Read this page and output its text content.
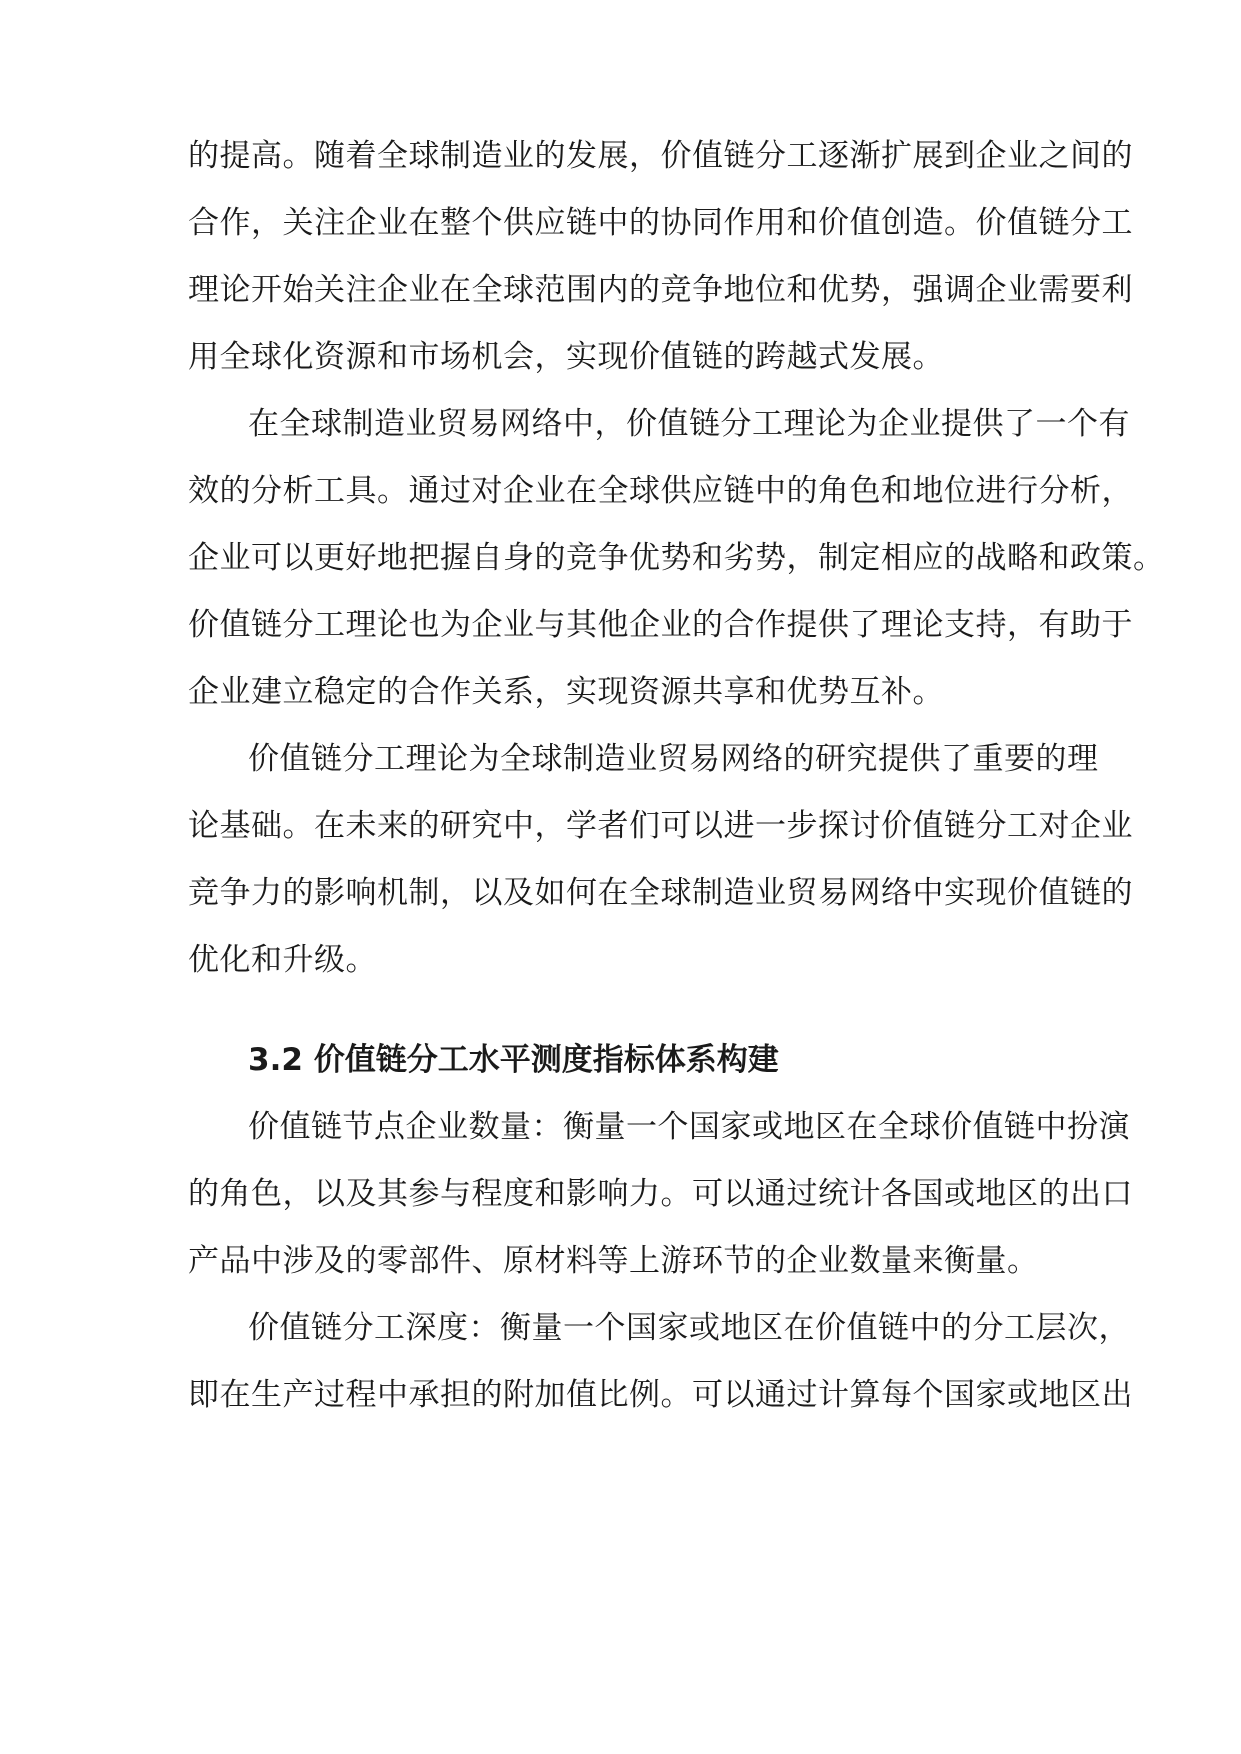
的提高。随着全球制造业的发展，价值链分工逐渐扩展到企业之间的
合作，关注企业在整个供应链中的协同作用和价值创造。价值链分工
理论开始关注企业在全球范围内的竞争地位和优势，强调企业需要利
用全球化资源和市场机会，实现价值链的跨越式发展。
在全球制造业贸易网络中，价值链分工理论为企业提供了一个有
效的分析工具。通过对企业在全球供应链中的角色和地位进行分析，
企业可以更好地把握自身的竞争优势和劣势，制定相应的战略和政策。
价值链分工理论也为企业与其他企业的合作提供了理论支持，有助于
企业建立稳定的合作关系，实现资源共享和优势互补。
价值链分工理论为全球制造业贸易网络的研究提供了重要的理
论基础。在未来的研究中，学者们可以进一步探讨价值链分工对企业
竞争力的影响机制，以及如何在全球制造业贸易网络中实现价值链的
优化和升级。
3.2 价值链分工水平测度指标体系构建
价值链节点企业数量：衡量一个国家或地区在全球价值链中扮演
的角色，以及其参与程度和影响力。可以通过统计各国或地区的出口
产品中涉及的零部件、原材料等上游环节的企业数量来衡量。
价值链分工深度：衡量一个国家或地区在价值链中的分工层次，
即在生产过程中承担的附加值比例。可以通过计算每个国家或地区出
